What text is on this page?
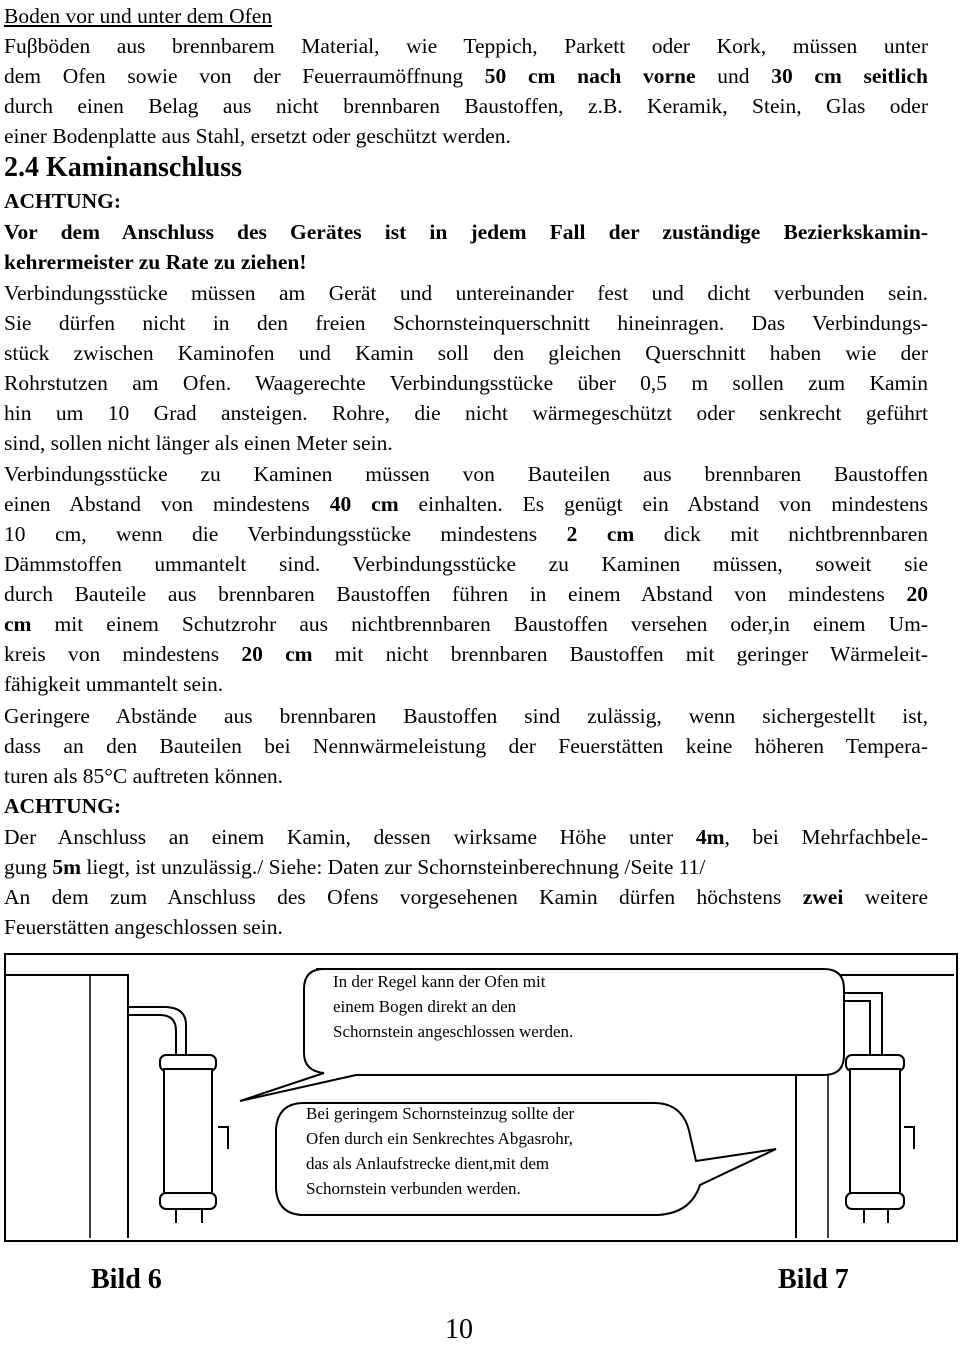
Boden vor und unter dem Ofen
Fuβböden aus brennbarem Material, wie Teppich, Parkett oder Kork, müssen unter
dem Ofen sowie von der Feuerraumöffnung 50 cm nach vorne und 30 cm seitlich
durch einen Belag aus nicht brennbaren Baustoffen, z.B. Keramik, Stein, Glas oder
einer Bodenplatte aus Stahl, ersetzt oder geschützt werden.
2.4 Kaminanschluss
ACHTUNG:
Vor dem Anschluss des Gerätes ist in jedem Fall der zuständige Bezierkskamin-
kehrermeister zu Rate zu ziehen!
Verbindungsstücke müssen am Gerät und untereinander fest und dicht verbunden sein.
Sie dürfen nicht in den freien Schornsteinquerschnitt hineinragen. Das Verbindungs-
stück zwischen Kaminofen und Kamin soll den gleichen Querschnitt haben wie der
Rohrstutzen am Ofen. Waagerechte Verbindungsstücke über 0,5 m sollen zum Kamin
hin um 10 Grad ansteigen. Rohre, die nicht wärmegeschützt oder senkrecht geführt
sind, sollen nicht länger als einen Meter sein.
Verbindungsstücke zu Kaminen müssen von Bauteilen aus brennbaren Baustoffen
einen Abstand von mindestens 40 cm einhalten. Es genügt ein Abstand von mindestens
10 cm, wenn die Verbindungsstücke mindestens 2 cm dick mit nichtbrennbaren
Dämmstoffen ummantelt sind. Verbindungsstücke zu Kaminen müssen, soweit sie
durch Bauteile aus brennbaren Baustoffen führen in einem Abstand von mindestens 20
cm mit einem Schutzrohr aus nichtbrennbaren Baustoffen versehen oder,in einem Um-
kreis von mindestens 20 cm mit nicht brennbaren Baustoffen mit geringer Wärmeleit-
fähigkeit ummantelt sein.
Geringere Abstände aus brennbaren Baustoffen sind zulässig, wenn sichergestellt ist,
dass an den Bauteilen bei Nennwärmeleistung der Feuerstätten keine höheren Tempera-
turen als 85°C auftreten können.
ACHTUNG:
Der Anschluss an einem Kamin, dessen wirksame Höhe unter 4m, bei Mehrfachbele-
gung 5m liegt, ist unzulässig./ Siehe: Daten zur Schornsteinberechnung /Seite 11/
An dem zum Anschluss des Ofens vorgesehenen Kamin dürfen höchstens zwei weitere
Feuerstätten angeschlossen sein.
In der Regel kann der Ofen mit
einem Bogen direkt an den
Schornstein angeschlossen werden.
Bei geringem Schornsteinzug sollte der
Ofen durch ein Senkrechtes Abgasrohr,
das als Anlaufstrecke dient,mit dem
Schornstein verbunden werden.
Bild 6	Bild 7
10
